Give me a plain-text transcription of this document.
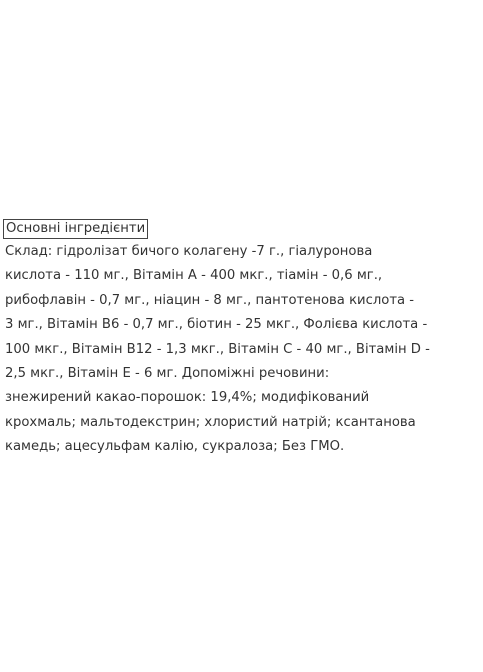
Основні інгредієнти

Склад: гідролізат бичого колагену -7 г., гіалуронова
кислота - 110 мг., Вітамін А - 400 мкг., тіамін - 0,6 мг.,
рибофлавін - 0,7 мг., ніацин - 8 мг., пантотенова кислота -
3 мг., Вітамін В6 - 0,7 мг., біотин - 25 мкг., Фолієва кислота -
100 мкг., Вітамін В12 - 1,3 мкг., Вітамін С - 40 мг., Вітамін D -
2,5 мкг., Вітамін Е - 6 мг. Допоміжні речовини:
знежирений какао-порошок: 19,4%; модифікований
крохмаль; мальтодекстрин; хлористий натрій; ксантанова
камедь; ацесульфам калію, сукралоза; Без ГМО.
